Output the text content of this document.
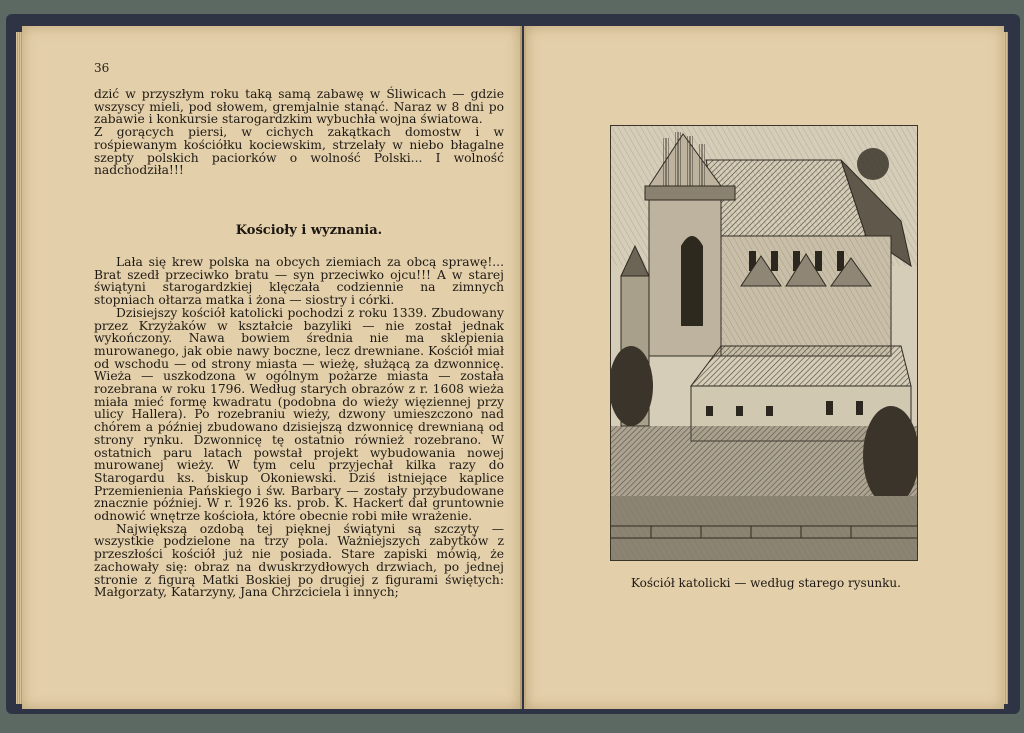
36

dzić w przyszłym roku taką samą zabawę w Śliwicach — gdzie wszyscy mieli, pod słowem, gremjalnie stanąć. Naraz w 8 dni po zabawie i konkursie starogardzkim wybuchła wojna światowa.

Z gorących piersi, w cichych zakątkach domostw i w rośpiewanym kościółku kociewskim, strzelały w niebo błagalne szepty polskich paciorków o wolność Polski... I wolność nadchodziła!!!

Kościoły i wyznania.

Lała się krew polska na obcych ziemiach za obcą sprawę!... Brat szedł przeciwko bratu — syn przeciwko ojcu!!! A w starej świątyni starogardzkiej klęczała codziennie na zimnych stopniach ołtarza matka i żona — siostry i córki.

Dzisiejszy kościół katolicki pochodzi z roku 1339. Zbudowany przez Krzyżaków w kształcie bazyliki — nie został jednak wykończony. Nawa bowiem średnia nie ma sklepienia murowanego, jak obie nawy boczne, lecz drewniane. Kościół miał od wschodu — od strony miasta — wieżę, służącą za dzwonnicę. Wieża — uszkodzona w ogólnym pożarze miasta — została rozebrana w roku 1796. Według starych obrazów z r. 1608 wieża miała mieć formę kwadratu (podobna do wieży więziennej przy ulicy Hallera). Po rozebraniu wieży, dzwony umieszczono nad chórem a później zbudowano dzisiejszą dzwonnicę drewnianą od strony rynku. Dzwonnicę tę ostatnio również rozebrano. W ostatnich paru latach powstał projekt wybudowania nowej murowanej wieży. W tym celu przyjechał kilka razy do Starogardu ks. biskup Okoniewski. Dziś istniejące kaplice Przemienienia Pańskiego i św. Barbary — zostały przybudowane znacznie później. W r. 1926 ks. prob. K. Hackert dał gruntownie odnowić wnętrze kościoła, które obecnie robi miłe wrażenie.

Największą ozdobą tej pięknej świątyni są szczyty — wszystkie podzielone na trzy pola. Ważniejszych zabytków z przeszłości kościół już nie posiada. Stare zapiski mówią, że zachowały się: obraz na dwuskrzydłowych drzwiach, po jednej stronie z figurą Matki Boskiej po drugiej z figurami świętych: Małgorzaty, Katarzyny, Jana Chrzciciela i innych;

Kościół katolicki — według starego rysunku.
